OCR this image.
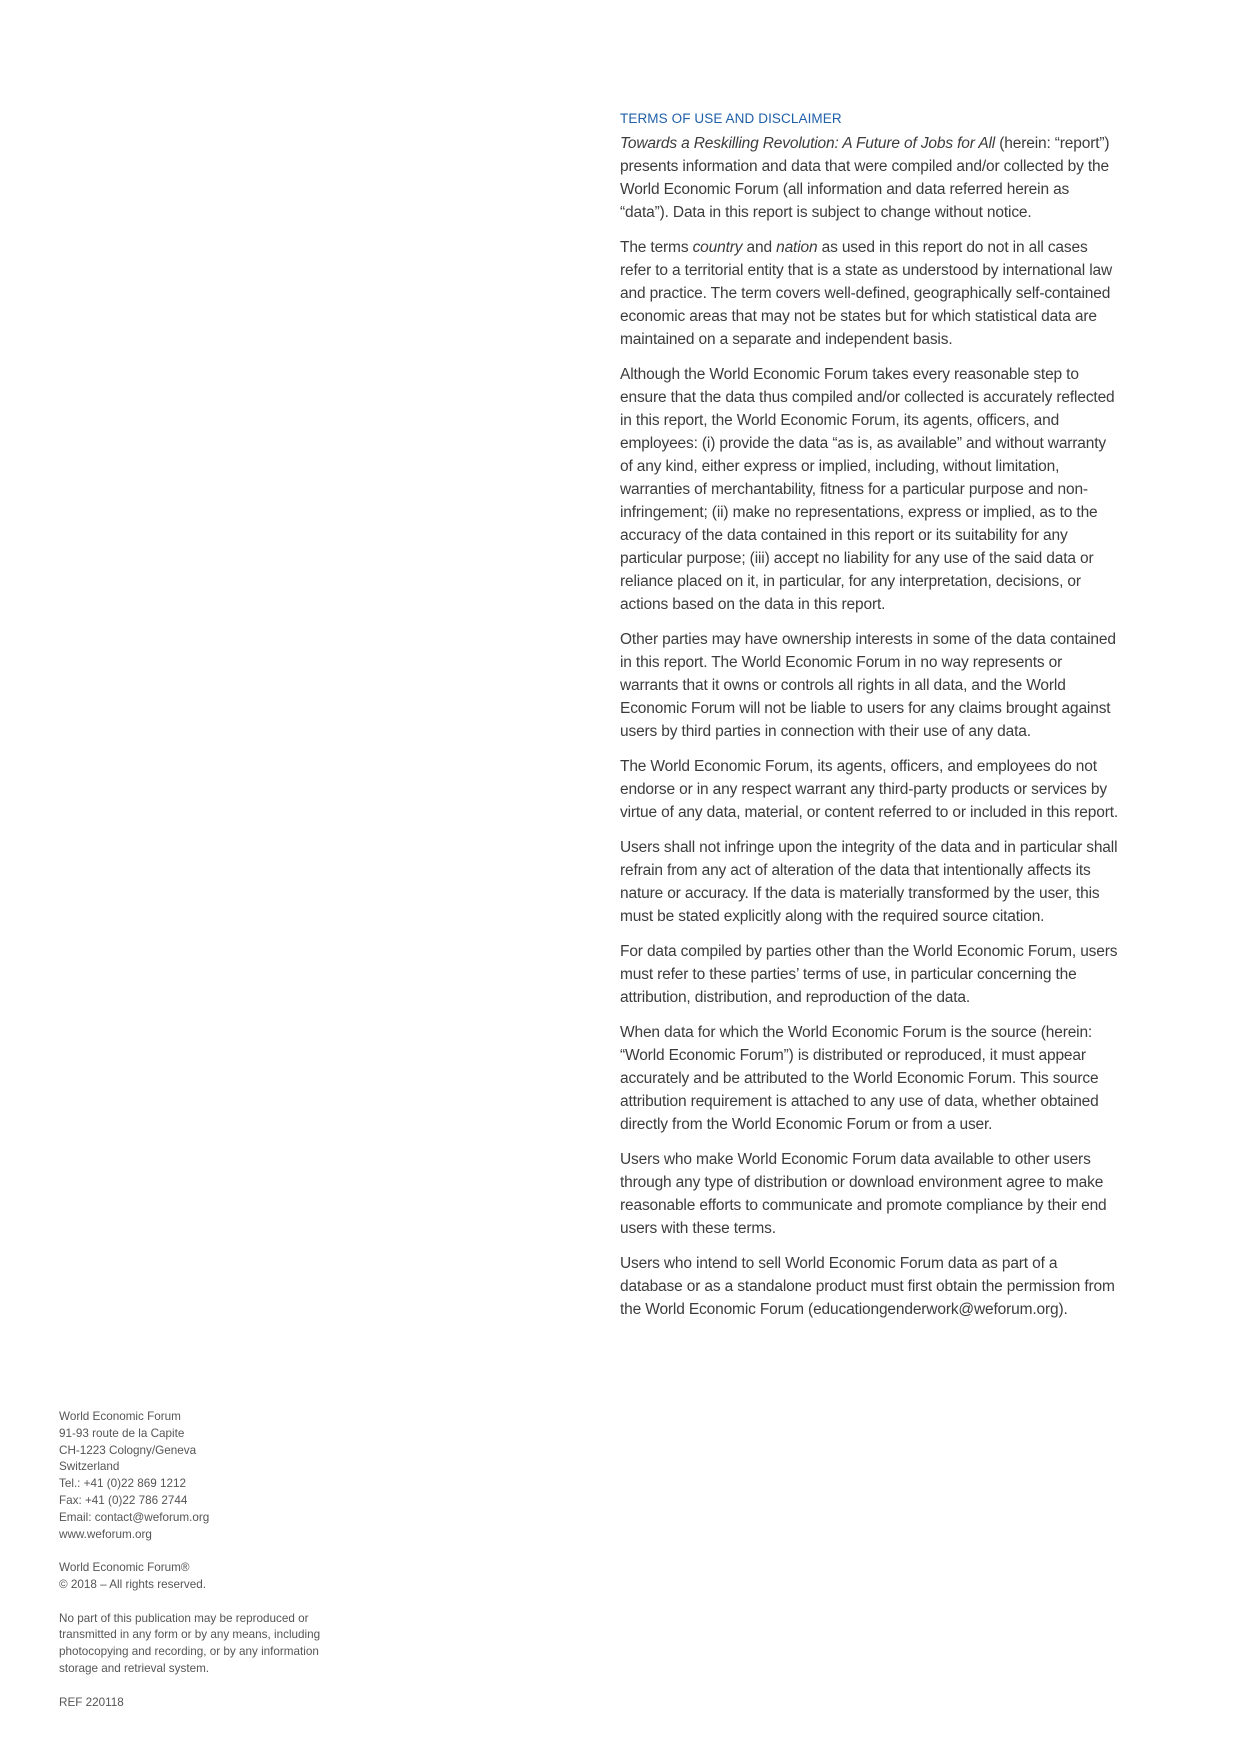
TERMS OF USE AND DISCLAIMER

Towards a Reskilling Revolution: A Future of Jobs for All (herein: “report”) presents information and data that were compiled and/or collected by the World Economic Forum (all information and data referred herein as “data”). Data in this report is subject to change without notice.

The terms country and nation as used in this report do not in all cases refer to a territorial entity that is a state as understood by international law and practice. The term covers well-defined, geographically self-contained economic areas that may not be states but for which statistical data are maintained on a separate and independent basis.

Although the World Economic Forum takes every reasonable step to ensure that the data thus compiled and/or collected is accurately reflected in this report, the World Economic Forum, its agents, officers, and employees: (i) provide the data “as is, as available” and without warranty of any kind, either express or implied, including, without limitation, warranties of merchantability, fitness for a particular purpose and non-infringement; (ii) make no representations, express or implied, as to the accuracy of the data contained in this report or its suitability for any particular purpose; (iii) accept no liability for any use of the said data or reliance placed on it, in particular, for any interpretation, decisions, or actions based on the data in this report.

Other parties may have ownership interests in some of the data contained in this report. The World Economic Forum in no way represents or warrants that it owns or controls all rights in all data, and the World Economic Forum will not be liable to users for any claims brought against users by third parties in connection with their use of any data.

The World Economic Forum, its agents, officers, and employees do not endorse or in any respect warrant any third-party products or services by virtue of any data, material, or content referred to or included in this report.

Users shall not infringe upon the integrity of the data and in particular shall refrain from any act of alteration of the data that intentionally affects its nature or accuracy. If the data is materially transformed by the user, this must be stated explicitly along with the required source citation.

For data compiled by parties other than the World Economic Forum, users must refer to these parties’ terms of use, in particular concerning the attribution, distribution, and reproduction of the data.

When data for which the World Economic Forum is the source (herein: “World Economic Forum”) is distributed or reproduced, it must appear accurately and be attributed to the World Economic Forum. This source attribution requirement is attached to any use of data, whether obtained directly from the World Economic Forum or from a user.

Users who make World Economic Forum data available to other users through any type of distribution or download environment agree to make reasonable efforts to communicate and promote compliance by their end users with these terms.

Users who intend to sell World Economic Forum data as part of a database or as a standalone product must first obtain the permission from the World Economic Forum (educationgenderwork@weforum.org).

World Economic Forum
91-93 route de la Capite
CH-1223 Cologny/Geneva
Switzerland
Tel.: +41 (0)22 869 1212
Fax: +41 (0)22 786 2744
Email: contact@weforum.org
www.weforum.org
World Economic Forum®
© 2018 – All rights reserved.
No part of this publication may be reproduced or
transmitted in any form or by any means, including
photocopying and recording, or by any information
storage and retrieval system.
REF 220118
